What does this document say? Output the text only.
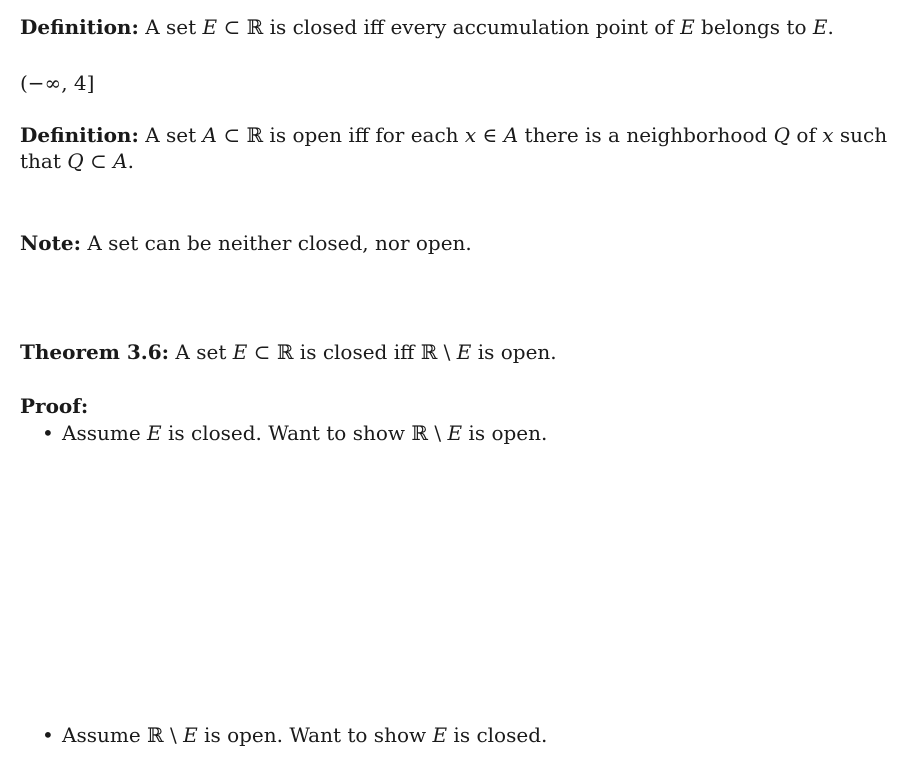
Definition: A set E ⊂ ℝ is closed iff every accumulation point of E belongs to E.
(−∞, 4]
Definition: A set A ⊂ ℝ is open iff for each x ∈ A there is a neighborhood Q of x such
that Q ⊂ A.
Note: A set can be neither closed, nor open.
Theorem 3.6: A set E ⊂ ℝ is closed iff ℝ \ E is open.
Proof:
• Assume E is closed. Want to show ℝ \ E is open.
• Assume ℝ \ E is open. Want to show E is closed.
